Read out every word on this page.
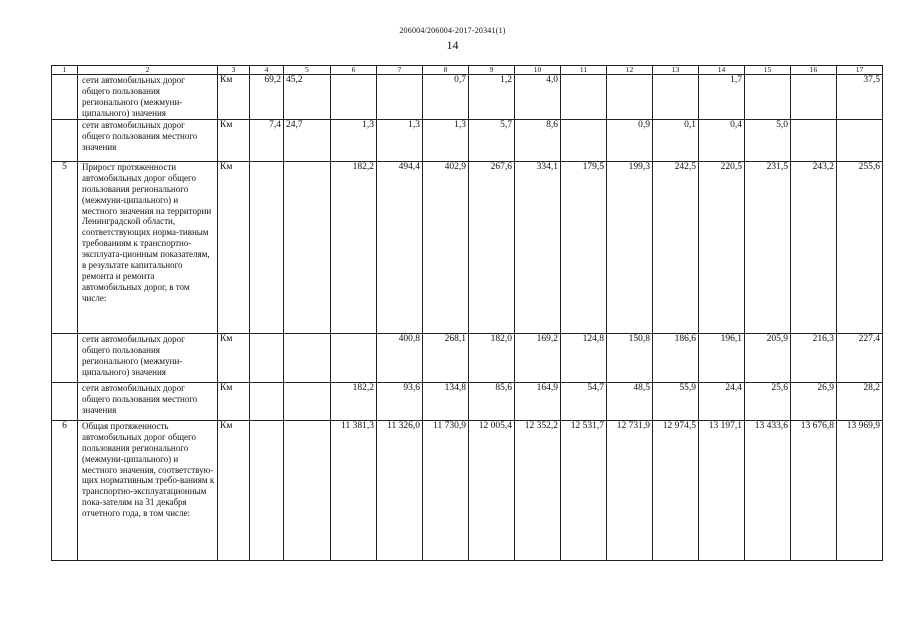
206004/206004-2017-20341(1)
14
1	2	3	4	5	6	7	8	9	10	11	12	13	14	15	16	17
	сети автомобильных дорог общего пользования регионального (межмуни-ципального) значения	Км	69,2	45,2			0,7	1,2	4,0				1,7			37,5
	сети автомобильных дорог общего пользования местного значения	Км	7,4	24,7	1,3	1,3	1,3	5,7	8,6		0,9	0,1	0,4	5,0		
5	Прирост протяженности автомобильных дорог общего пользования регионального (межмуни-ципального) и местного значения на территории Ленинградской области, соответствующих норма-тивным требованиям к транспортно-эксплуата-ционным показателям, в результате капитального ремонта и ремонта автомобильных дорог, в том числе:	Км			182,2	494,4	402,9	267,6	334,1	179,5	199,3	242,5	220,5	231,5	243,2	255,6
	сети автомобильных дорог общего пользования регионального (межмуни-ципального) значения	Км				400,8	268,1	182,0	169,2	124,8	150,8	186,6	196,1	205,9	216,3	227,4
	сети автомобильных дорог общего пользования местного значения	Км			182,2	93,6	134,8	85,6	164,9	54,7	48,5	55,9	24,4	25,6	26,9	28,2
6	Общая протяженность автомобильных дорог общего пользования регионального (межмуни-ципального) и местного значения, соответствую-щих нормативным требо-ваниям к транспортно-эксплуатационным пока-зателям на 31 декабря отчетного года, в том числе:	Км			11 381,3	11 326,0	11 730,9	12 005,4	12 352,2	12 531,7	12 731,9	12 974,5	13 197,1	13 433,6	13 676,8	13 969,9
